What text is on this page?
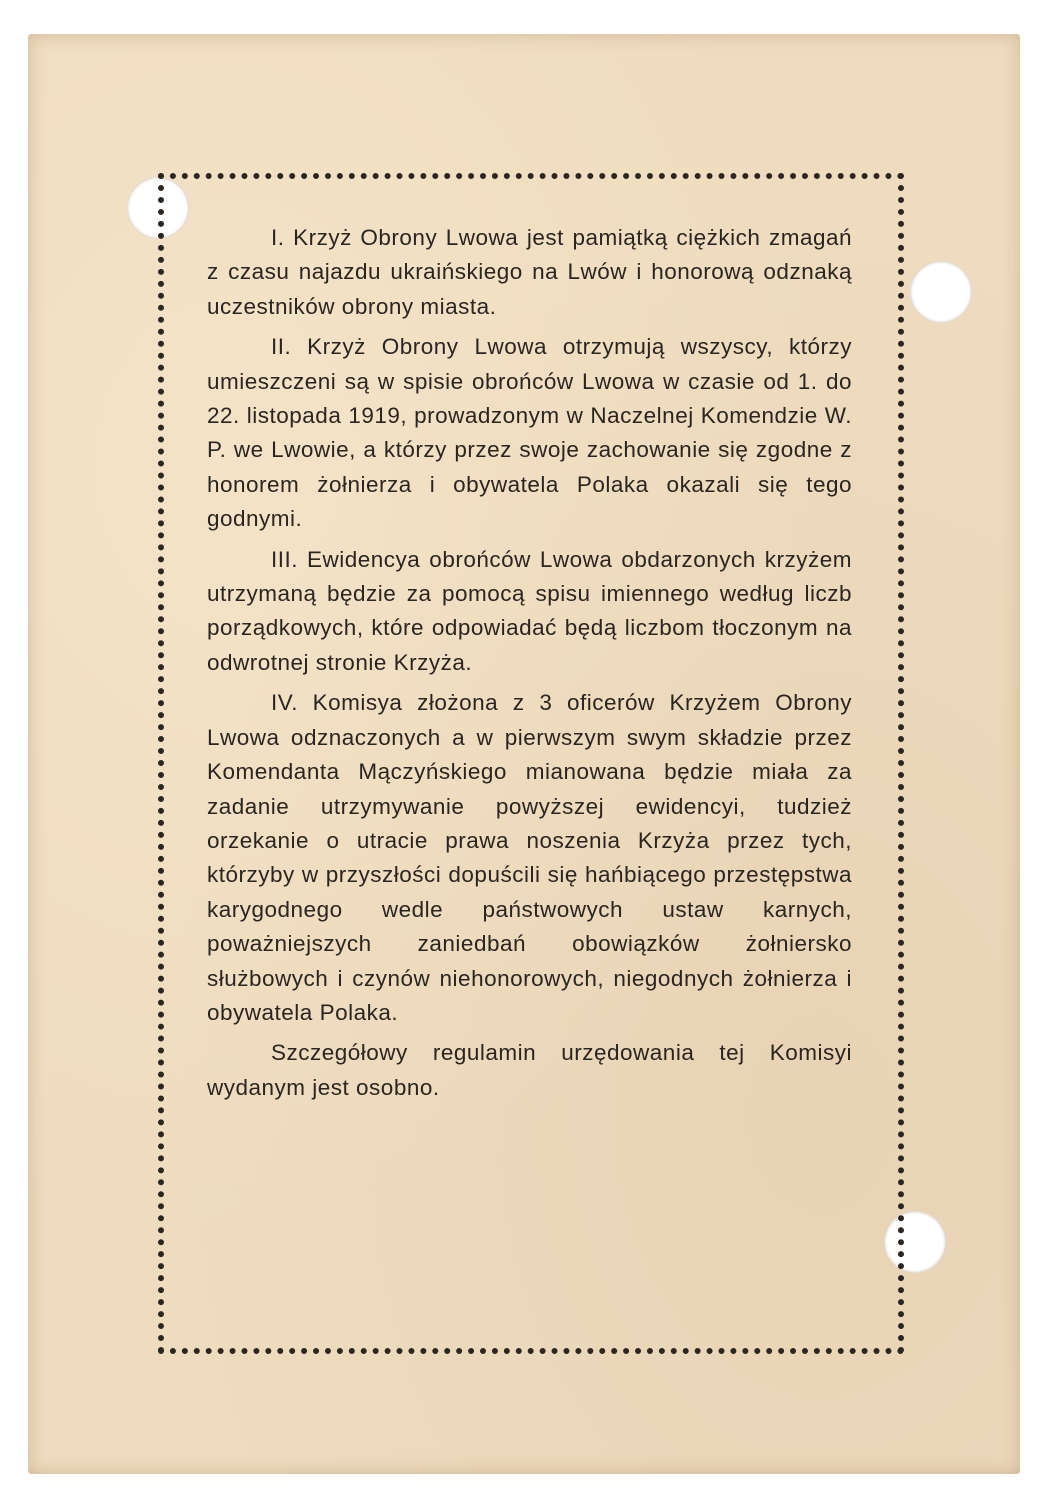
I. Krzyż Obrony Lwowa jest pamiątką ciężkich zmagań z czasu najazdu ukraińskiego na Lwów i honorową odznaką uczestników obrony miasta.

II. Krzyż Obrony Lwowa otrzymują wszyscy, którzy umieszczeni są w spisie obrońców Lwowa w czasie od 1. do 22. listopada 1919, prowadzonym w Naczelnej Komendzie W. P. we Lwowie, a którzy przez swoje zachowanie się zgodne z honorem żołnierza i obywatela Polaka okazali się tego godnymi.

III. Ewidencya obrońców Lwowa obdarzonych krzyżem utrzymaną będzie za pomocą spisu imiennego według liczb porządkowych, które odpowiadać będą liczbom tłoczonym na odwrotnej stronie Krzyża.

IV. Komisya złożona z 3 oficerów Krzyżem Obrony Lwowa odznaczonych a w pierwszym swym składzie przez Komendanta Mączyńskiego mianowana będzie miała za zadanie utrzymywanie powyższej ewidencyi, tudzież orzekanie o utracie prawa noszenia Krzyża przez tych, którzyby w przyszłości dopuścili się hańbiącego przestępstwa karygodnego wedle państwowych ustaw karnych, poważniejszych zaniedbań obowiązków żołniersko służbowych i czynów niehonorowych, niegodnych żołnierza i obywatela Polaka.

Szczegółowy regulamin urzędowania tej Komisyi wydanym jest osobno.
